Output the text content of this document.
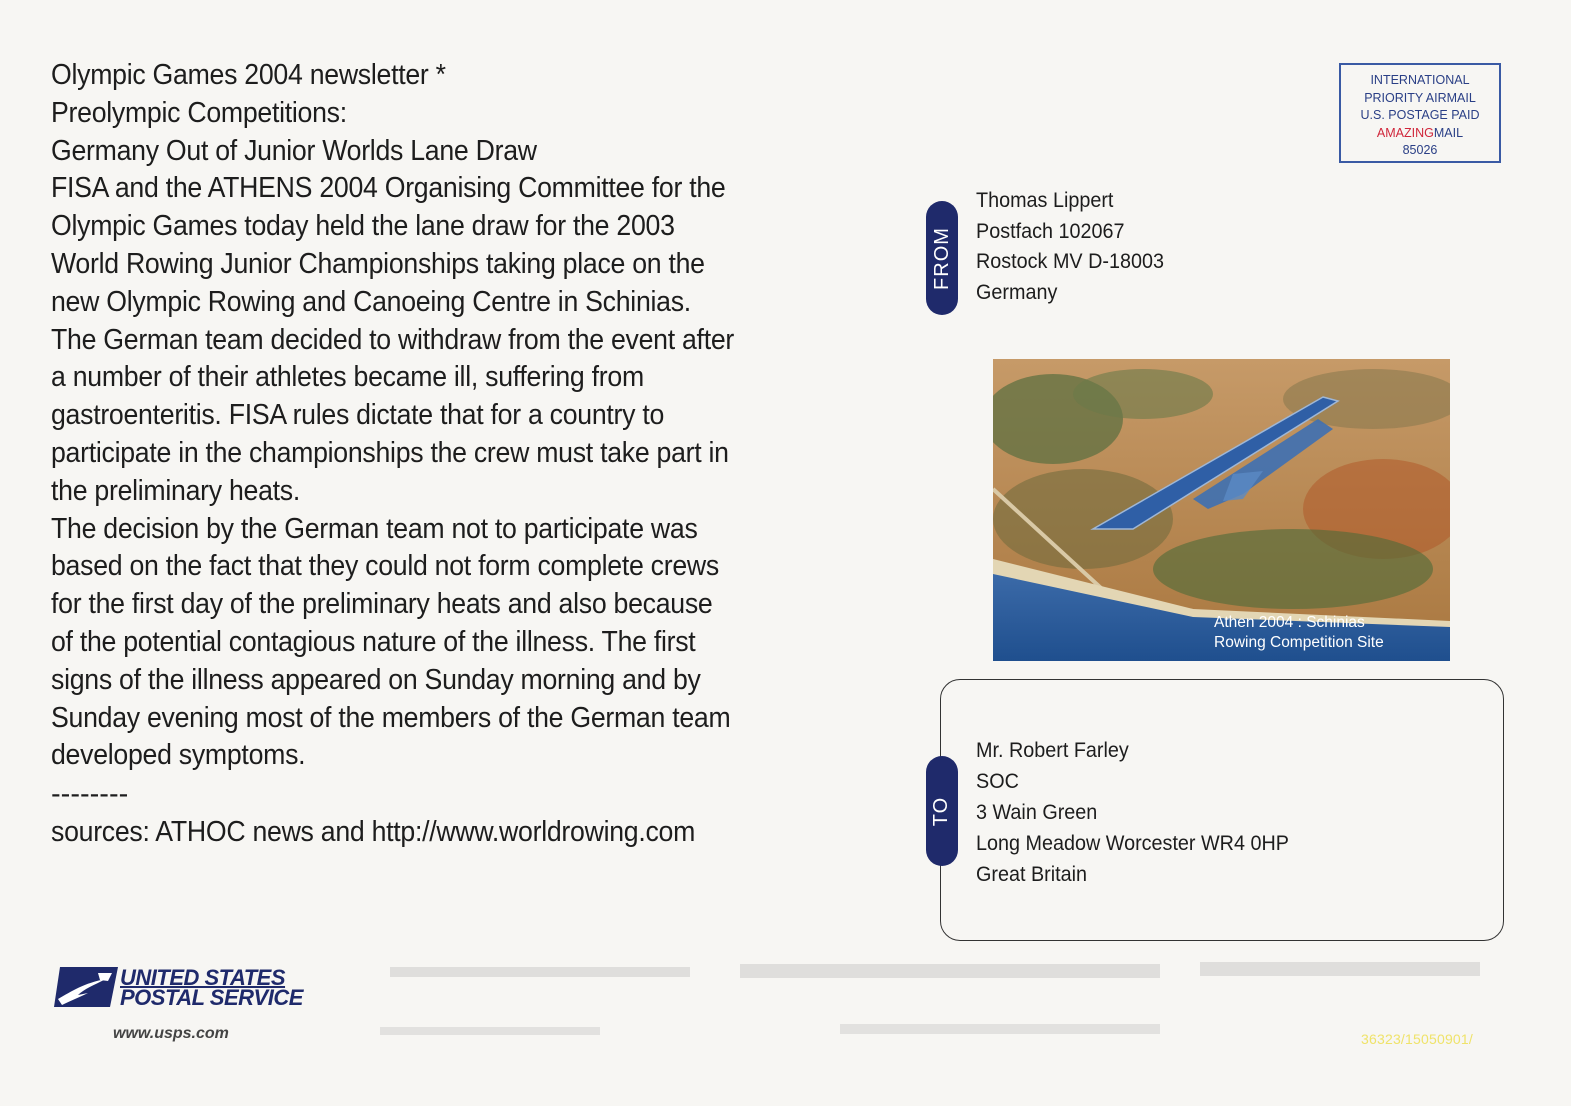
Olympic Games 2004 newsletter *
Preolympic Competitions:
Germany Out of Junior Worlds Lane Draw
FISA and the ATHENS 2004 Organising Committee for the
Olympic Games today held the lane draw for the 2003
World Rowing Junior Championships taking place on the
new Olympic Rowing and Canoeing Centre in Schinias.
The German team decided to withdraw from the event after
a number of their athletes became ill, suffering from
gastroenteritis. FISA rules dictate that for a country to
participate in the championships the crew must take part in
the preliminary heats.
The decision by the German team not to participate was
based on the fact that they could not form complete crews
for the first day of the preliminary heats and also because
of the potential contagious nature of the illness. The first
signs of the illness appeared on Sunday morning and by
Sunday evening most of the members of the German team
developed symptoms.
--------
sources: ATHOC news and http://www.worldrowing.com
INTERNATIONAL
PRIORITY AIRMAIL
U.S. POSTAGE PAID
AMAZINGMAIL
85026
FROM
Thomas Lippert
Postfach 102067
Rostock MV D-18003
Germany
Athen 2004 : Schinias
Rowing Competition Site
TO
Mr. Robert Farley
SOC
3 Wain Green
Long Meadow Worcester WR4 0HP
Great Britain
UNITED STATES
POSTAL SERVICE
www.usps.com	36323/15050901/
